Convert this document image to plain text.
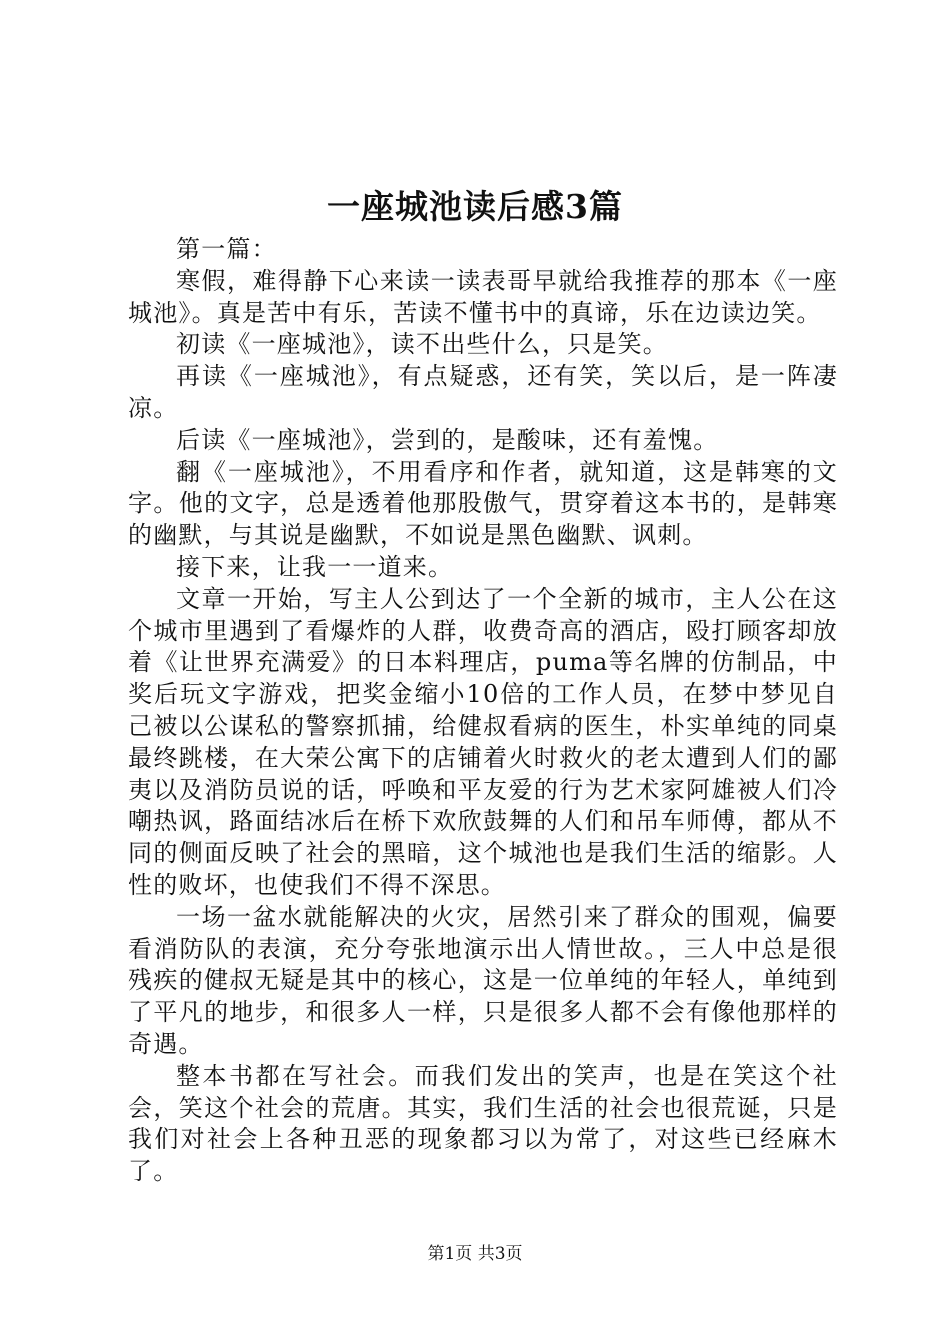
一座城池读后感3篇

第一篇：

寒假，难得静下心来读一读表哥早就给我推荐的那本《一座城池》。真是苦中有乐，苦读不懂书中的真谛，乐在边读边笑。

初读《一座城池》，读不出些什么，只是笑。

再读《一座城池》，有点疑惑，还有笑，笑以后，是一阵凄凉。

后读《一座城池》，尝到的，是酸味，还有羞愧。

翻《一座城池》，不用看序和作者，就知道，这是韩寒的文字。他的文字，总是透着他那股傲气，贯穿着这本书的，是韩寒的幽默，与其说是幽默，不如说是黑色幽默、讽刺。

接下来，让我一一道来。

文章一开始，写主人公到达了一个全新的城市，主人公在这个城市里遇到了看爆炸的人群，收费奇高的酒店，殴打顾客却放着《让世界充满爱》的日本料理店，puma等名牌的仿制品，中奖后玩文字游戏，把奖金缩小10倍的工作人员，在梦中梦见自己被以公谋私的警察抓捕，给健叔看病的医生，朴实单纯的同桌最终跳楼，在大荣公寓下的店铺着火时救火的老太遭到人们的鄙夷以及消防员说的话，呼唤和平友爱的行为艺术家阿雄被人们冷嘲热讽，路面结冰后在桥下欢欣鼓舞的人们和吊车师傅，都从不同的侧面反映了社会的黑暗，这个城池也是我们生活的缩影。人性的败坏，也使我们不得不深思。

一场一盆水就能解决的火灾，居然引来了群众的围观，偏要看消防队的表演，充分夸张地演示出人情世故。，三人中总是很残疾的健叔无疑是其中的核心，这是一位单纯的年轻人，单纯到了平凡的地步，和很多人一样，只是很多人都不会有像他那样的奇遇。

整本书都在写社会。而我们发出的笑声，也是在笑这个社会，笑这个社会的荒唐。其实，我们生活的社会也很荒诞，只是我们对社会上各种丑恶的现象都习以为常了，对这些已经麻木了。

第1页 共3页
